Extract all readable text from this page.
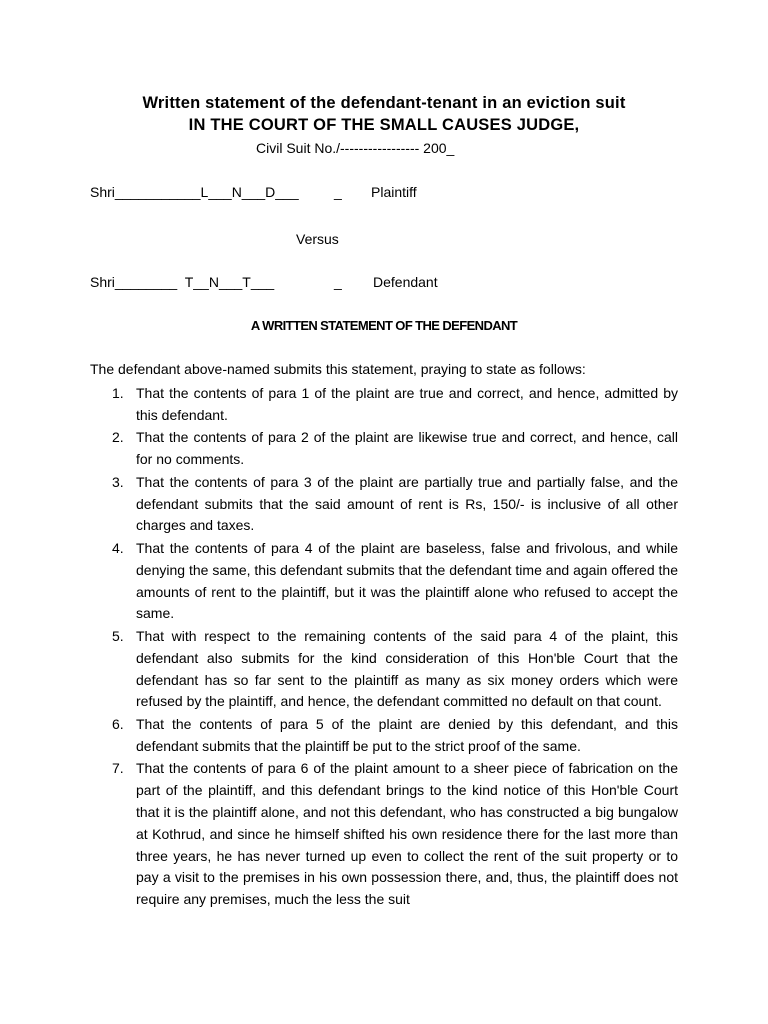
Written statement of the defendant-tenant in an eviction suit
IN THE COURT OF THE SMALL CAUSES JUDGE,
Civil Suit No./----------------- 200_
Shri___________L___N___D___	_ Plaintiff
Versus
Shri________  T__N___T___	_ Defendant
A WRITTEN STATEMENT OF THE DEFENDANT
The defendant above-named submits this statement, praying to state as follows:
1. That the contents of para 1 of the plaint are true and correct, and hence, admitted by this defendant.
2. That the contents of para 2 of the plaint are likewise true and correct, and hence, call for no comments.
3. That the contents of para 3 of the plaint are partially true and partially false, and the defendant submits that the said amount of rent is Rs, 150/- is inclusive of all other charges and taxes.
4. That the contents of para 4 of the plaint are baseless, false and frivolous, and while denying the same, this defendant submits that the defendant time and again offered the amounts of rent to the plaintiff, but it was the plaintiff alone who refused to accept the same.
5. That with respect to the remaining contents of the said para 4 of the plaint, this defendant also submits for the kind consideration of this Hon'ble Court that the defendant has so far sent to the plaintiff as many as six money orders which were refused by the plaintiff, and hence, the defendant committed no default on that count.
6. That the contents of para 5 of the plaint are denied by this defendant, and this defendant submits that the plaintiff be put to the strict proof of the same.
7. That the contents of para 6 of the plaint amount to a sheer piece of fabrication on the part of the plaintiff, and this defendant brings to the kind notice of this Hon'ble Court that it is the plaintiff alone, and not this defendant, who has constructed a big bungalow at Kothrud, and since he himself shifted his own residence there for the last more than three years, he has never turned up even to collect the rent of the suit property or to pay a visit to the premises in his own possession there, and, thus, the plaintiff does not require any premises, much the less the suit
